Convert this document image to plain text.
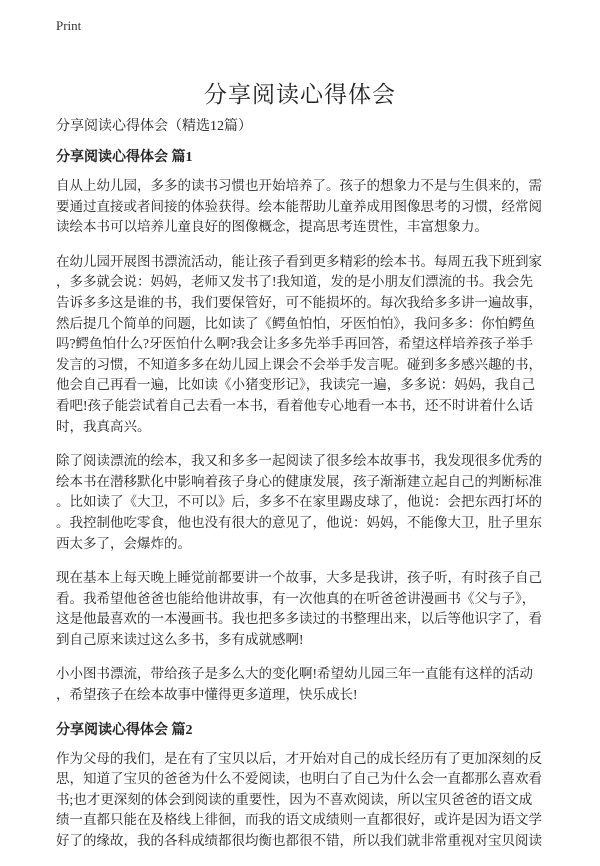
Print
分享阅读心得体会
分享阅读心得体会（精选12篇）
分享阅读心得体会 篇1
自从上幼儿园，多多的读书习惯也开始培养了。孩子的想象力不是与生俱来的，需
要通过直接或者间接的体验获得。绘本能帮助儿童养成用图像思考的习惯，经常阅
读绘本书可以培养儿童良好的图像概念，提高思考连贯性，丰富想象力。
在幼儿园开展图书漂流活动，能让孩子看到更多精彩的绘本书。每周五我下班到家
，多多就会说：妈妈，老师又发书了!我知道，发的是小朋友们漂流的书。我会先
告诉多多这是谁的书，我们要保管好，可不能损坏的。每次我给多多讲一遍故事，
然后提几个简单的问题，比如读了《鳄鱼怕怕，牙医怕怕》，我问多多：你怕鳄鱼
吗?鳄鱼怕什么?牙医怕什么啊?我会让多多先举手再回答，希望这样培养孩子举手
发言的习惯，不知道多多在幼儿园上课会不会举手发言呢。碰到多多感兴趣的书，
他会自己再看一遍，比如读《小猪变形记》，我读完一遍，多多说：妈妈，我自己
看吧!孩子能尝试着自己去看一本书，看着他专心地看一本书，还不时讲着什么话
时，我真高兴。
除了阅读漂流的绘本，我又和多多一起阅读了很多绘本故事书，我发现很多优秀的
绘本书在潜移默化中影响着孩子身心的健康发展，孩子渐渐建立起自己的判断标准
。比如读了《大卫，不可以》后，多多不在家里踢皮球了，他说：会把东西打坏的
。我控制他吃零食，他也没有很大的意见了，他说：妈妈，不能像大卫，肚子里东
西太多了，会爆炸的。
现在基本上每天晚上睡觉前都要讲一个故事，大多是我讲，孩子听，有时孩子自己
看。我希望他爸爸也能给他讲故事，有一次他真的在听爸爸讲漫画书《父与子》，
这是他最喜欢的一本漫画书。我也把多多读过的书整理出来，以后等他识字了，看
到自己原来读过这么多书，多有成就感啊!
小小图书漂流，带给孩子是多么大的变化啊!希望幼儿园三年一直能有这样的活动
，希望孩子在绘本故事中懂得更多道理，快乐成长!
分享阅读心得体会 篇2
作为父母的我们，是在有了宝贝以后，才开始对自己的成长经历有了更加深刻的反
思，知道了宝贝的爸爸为什么不爱阅读，也明白了自己为什么会一直都那么喜欢看
书;也才更深刻的体会到阅读的重要性，因为不喜欢阅读，所以宝贝爸爸的语文成
绩一直都只能在及格线上徘徊，而我的语文成绩则一直都很好，或许是因为语文学
好了的缘故，我的各科成绩都很均衡也都很不错，所以我们就非常重视对宝贝阅读
